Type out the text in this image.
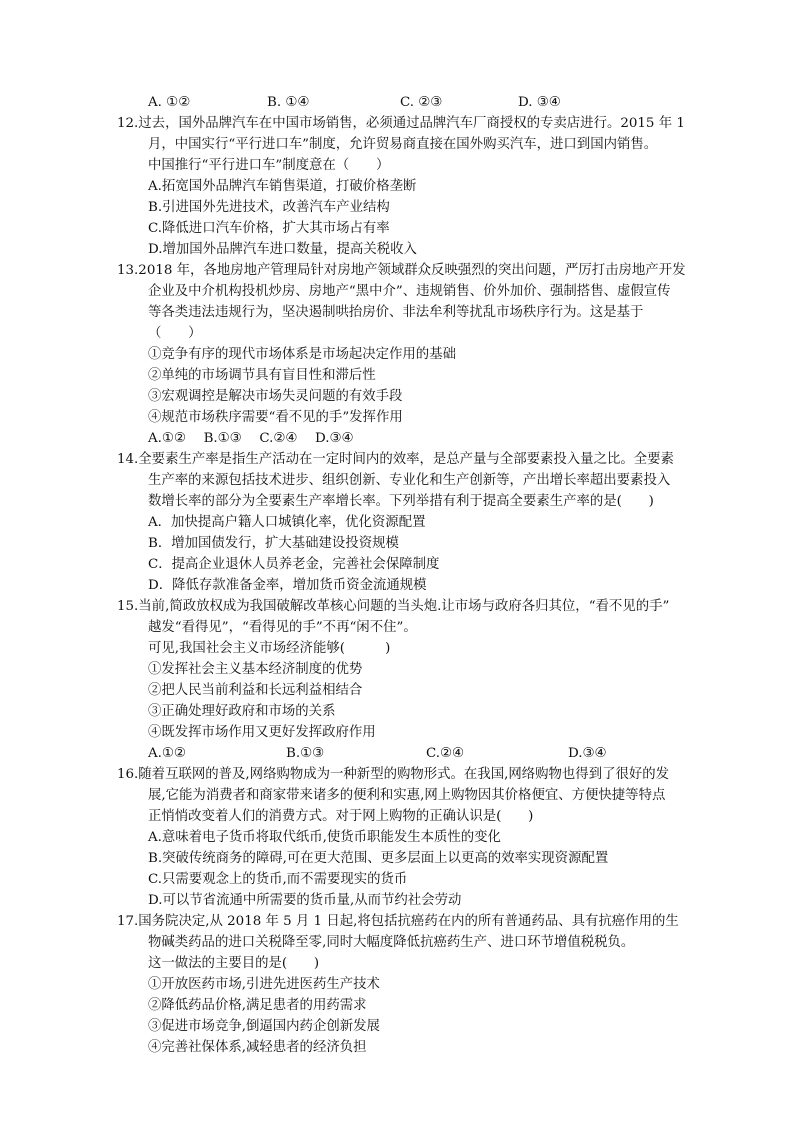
A. ①②	B. ①④	C. ②③	D. ③④
12.过去，国外品牌汽车在中国市场销售，必须通过品牌汽车厂商授权的专卖店进行。2015 年 1
月，中国实行“平行进口车”制度，允许贸易商直接在国外购买汽车，进口到国内销售。
中国推行“平行进口车”制度意在（　　）
A.拓宽国外品牌汽车销售渠道，打破价格垄断
B.引进国外先进技术，改善汽车产业结构
C.降低进口汽车价格，扩大其市场占有率
D.增加国外品牌汽车进口数量，提高关税收入
13.2018 年，各地房地产管理局针对房地产领域群众反映强烈的突出问题，严厉打击房地产开发
企业及中介机构投机炒房、房地产“黑中介”、违规销售、价外加价、强制搭售、虚假宣传
等各类违法违规行为，坚决遏制哄抬房价、非法牟利等扰乱市场秩序行为。这是基于
（　　）
①竞争有序的现代市场体系是市场起决定作用的基础
②单纯的市场调节具有盲目性和滞后性
③宏观调控是解决市场失灵问题的有效手段
④规范市场秩序需要“看不见的手”发挥作用
A.①②　 B.①③　 C.②④　 D.③④
14.全要素生产率是指生产活动在一定时间内的效率，是总产量与全部要素投入量之比。全要素
生产率的来源包括技术进步、组织创新、专业化和生产创新等，产出增长率超出要素投入
数增长率的部分为全要素生产率增长率。下列举措有利于提高全要素生产率的是(　　)
A．加快提高户籍人口城镇化率，优化资源配置
B．增加国债发行，扩大基础建设投资规模
C．提高企业退休人员养老金，完善社会保障制度
D．降低存款准备金率，增加货币资金流通规模
15.当前,简政放权成为我国破解改革核心问题的当头炮.让市场与政府各归其位，“看不见的手”
越发“看得见”，“看得见的手”不再“闲不住”。
可见,我国社会主义市场经济能够(　　　)
①发挥社会主义基本经济制度的优势
②把人民当前利益和长远利益相结合
③正确处理好政府和市场的关系
④既发挥市场作用又更好发挥政府作用
A.①②	B.①③	C.②④	D.③④
16.随着互联网的普及,网络购物成为一种新型的购物形式。在我国,网络购物也得到了很好的发
展,它能为消费者和商家带来诸多的便利和实惠,网上购物因其价格便宜、方便快捷等特点
正悄悄改变着人们的消费方式。对于网上购物的正确认识是(　　)
A.意味着电子货币将取代纸币,使货币职能发生本质性的变化
B.突破传统商务的障碍,可在更大范围、更多层面上以更高的效率实现资源配置
C.只需要观念上的货币,而不需要现实的货币
D.可以节省流通中所需要的货币量,从而节约社会劳动
17.国务院决定,从 2018 年 5 月 1 日起,将包括抗癌药在内的所有普通药品、具有抗癌作用的生
物碱类药品的进口关税降至零,同时大幅度降低抗癌药生产、进口环节增值税税负。
这一做法的主要目的是(　　)
①开放医药市场,引进先进医药生产技术
②降低药品价格,满足患者的用药需求
③促进市场竞争,倒逼国内药企创新发展
④完善社保体系,减轻患者的经济负担
